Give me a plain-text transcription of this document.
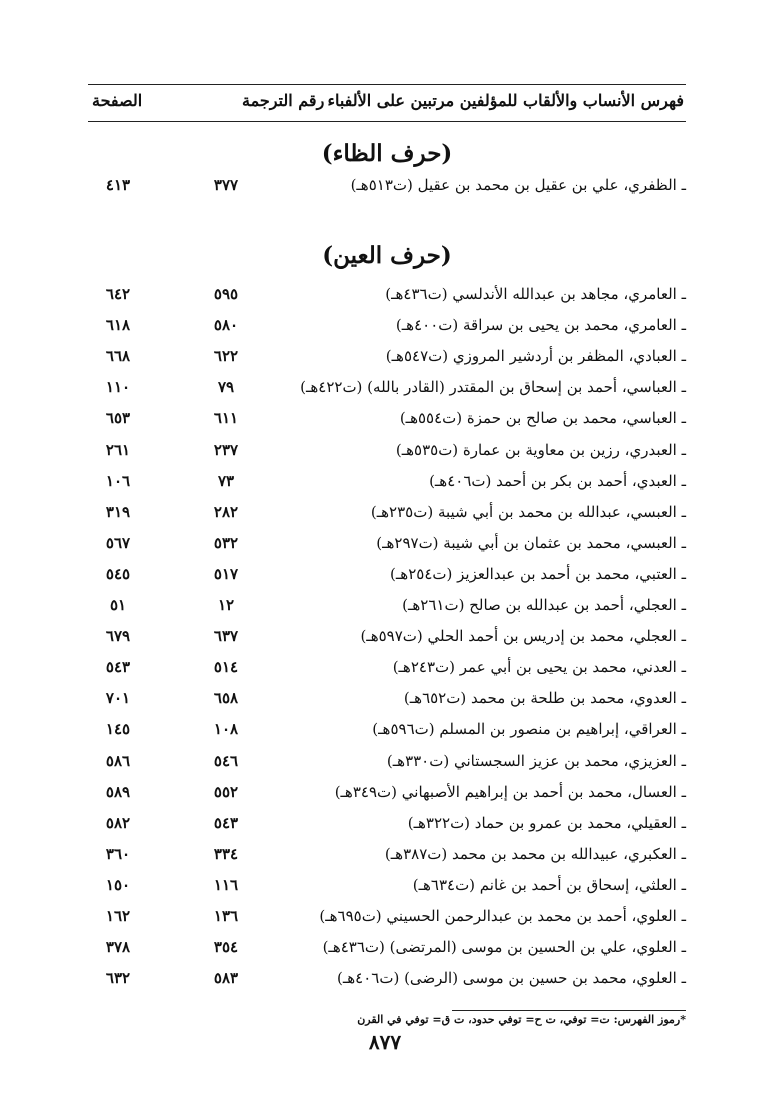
فهرس الأنساب والألقاب للمؤلفين مرتبين على الألفباء
رقم الترجمة
الصفحة
(حرف الظاء)
ـ الظفري، علي بن عقيل بن محمد بن عقيل (ت٥١٣هـ)
٣٧٧
٤١٣
(حرف العين)
ـ العامري، مجاهد بن عبدالله الأندلسي (ت٤٣٦هـ)
٥٩٥
٦٤٢
ـ العامري، محمد بن يحيى بن سراقة (ت٤٠٠هـ)
٥٨٠
٦١٨
ـ العبادي، المظفر بن أردشير المروزي (ت٥٤٧هـ)
٦٢٢
٦٦٨
ـ العباسي، أحمد بن إسحاق بن المقتدر (القادر بالله) (ت٤٢٢هـ)
٧٩
١١٠
ـ العباسي، محمد بن صالح بن حمزة (ت٥٥٤هـ)
٦١١
٦٥٣
ـ العبدري، رزين بن معاوية بن عمارة (ت٥٣٥هـ)
٢٣٧
٢٦١
ـ العبدي، أحمد بن بكر بن أحمد (ت٤٠٦هـ)
٧٣
١٠٦
ـ العبسي، عبدالله بن محمد بن أبي شيبة (ت٢٣٥هـ)
٢٨٢
٣١٩
ـ العبسي، محمد بن عثمان بن أبي شيبة (ت٢٩٧هـ)
٥٣٢
٥٦٧
ـ العتبي، محمد بن أحمد بن عبدالعزيز (ت٢٥٤هـ)
٥١٧
٥٤٥
ـ العجلي، أحمد بن عبدالله بن صالح (ت٢٦١هـ)
١٢
٥١
ـ العجلي، محمد بن إدريس بن أحمد الحلي (ت٥٩٧هـ)
٦٣٧
٦٧٩
ـ العدني، محمد بن يحيى بن أبي عمر (ت٢٤٣هـ)
٥١٤
٥٤٣
ـ العدوي، محمد بن طلحة بن محمد (ت٦٥٢هـ)
٦٥٨
٧٠١
ـ العراقي، إبراهيم بن منصور بن المسلم (ت٥٩٦هـ)
١٠٨
١٤٥
ـ العزيزي، محمد بن عزيز السجستاني (ت٣٣٠هـ)
٥٤٦
٥٨٦
ـ العسال، محمد بن أحمد بن إبراهيم الأصبهاني (ت٣٤٩هـ)
٥٥٢
٥٨٩
ـ العقيلي، محمد بن عمرو بن حماد (ت٣٢٢هـ)
٥٤٣
٥٨٢
ـ العكبري، عبيدالله بن محمد بن محمد (ت٣٨٧هـ)
٣٣٤
٣٦٠
ـ العلثي، إسحاق بن أحمد بن غانم (ت٦٣٤هـ)
١١٦
١٥٠
ـ العلوي، أحمد بن محمد بن عبدالرحمن الحسيني (ت٦٩٥هـ)
١٣٦
١٦٢
ـ العلوي، علي بن الحسين بن موسى (المرتضى) (ت٤٣٦هـ)
٣٥٤
٣٧٨
ـ العلوي، محمد بن حسين بن موسى (الرضى) (ت٤٠٦هـ)
٥٨٣
٦٣٢
*رموز الفهرس: ت= توفي، ت ح= توفي حدود، ت ق= توفي في القرن
٨٧٧
